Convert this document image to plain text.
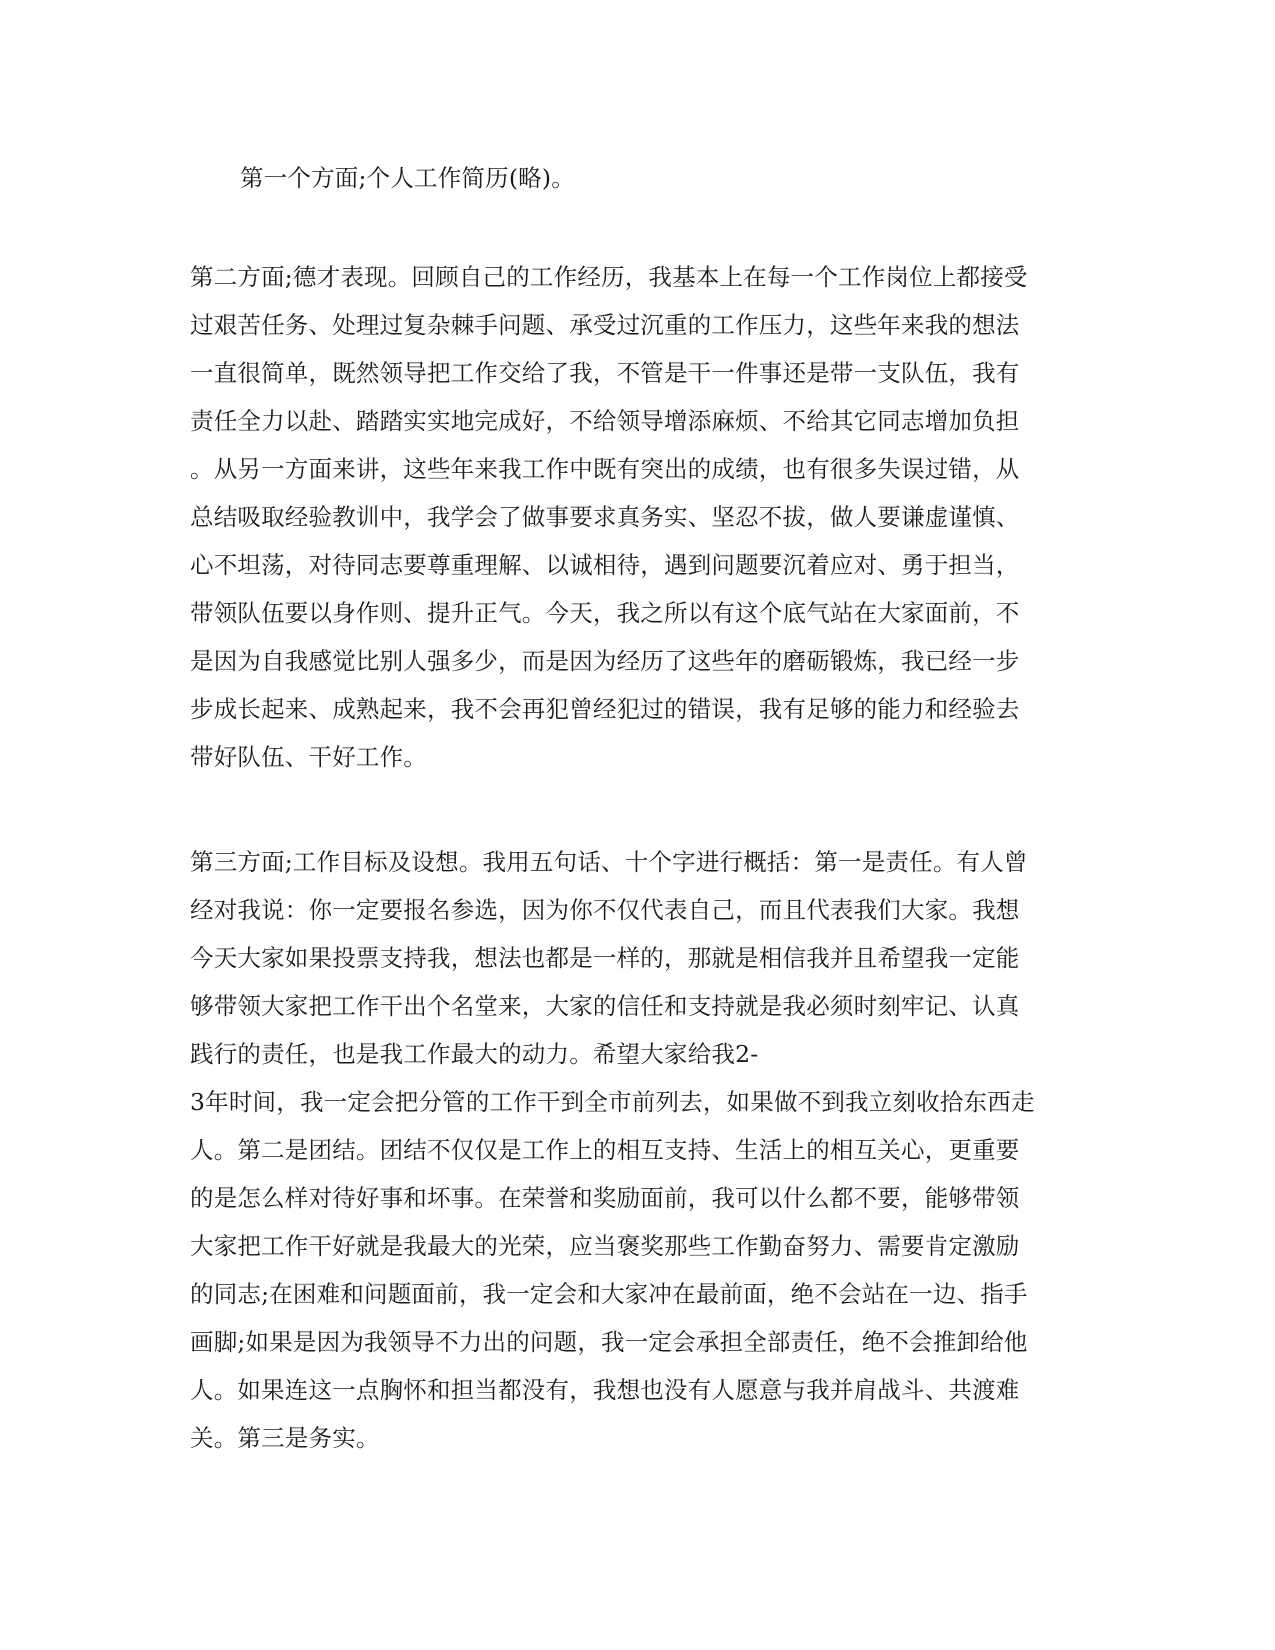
第一个方面;个人工作简历(略)。
第二方面;德才表现。回顾自己的工作经历，我基本上在每一个工作岗位上都接受
过艰苦任务、处理过复杂棘手问题、承受过沉重的工作压力，这些年来我的想法
一直很简单，既然领导把工作交给了我，不管是干一件事还是带一支队伍，我有
责任全力以赴、踏踏实实地完成好，不给领导增添麻烦、不给其它同志增加负担
。从另一方面来讲，这些年来我工作中既有突出的成绩，也有很多失误过错，从
总结吸取经验教训中，我学会了做事要求真务实、坚忍不拔，做人要谦虚谨慎、
心不坦荡，对待同志要尊重理解、以诚相待，遇到问题要沉着应对、勇于担当，
带领队伍要以身作则、提升正气。今天，我之所以有这个底气站在大家面前，不
是因为自我感觉比别人强多少，而是因为经历了这些年的磨砺锻炼，我已经一步
步成长起来、成熟起来，我不会再犯曾经犯过的错误，我有足够的能力和经验去
带好队伍、干好工作。
第三方面;工作目标及设想。我用五句话、十个字进行概括：第一是责任。有人曾
经对我说：你一定要报名参选，因为你不仅代表自己，而且代表我们大家。我想
今天大家如果投票支持我，想法也都是一样的，那就是相信我并且希望我一定能
够带领大家把工作干出个名堂来，大家的信任和支持就是我必须时刻牢记、认真
践行的责任，也是我工作最大的动力。希望大家给我2-
3年时间，我一定会把分管的工作干到全市前列去，如果做不到我立刻收拾东西走
人。第二是团结。团结不仅仅是工作上的相互支持、生活上的相互关心，更重要
的是怎么样对待好事和坏事。在荣誉和奖励面前，我可以什么都不要，能够带领
大家把工作干好就是我最大的光荣，应当褒奖那些工作勤奋努力、需要肯定激励
的同志;在困难和问题面前，我一定会和大家冲在最前面，绝不会站在一边、指手
画脚;如果是因为我领导不力出的问题，我一定会承担全部责任，绝不会推卸给他
人。如果连这一点胸怀和担当都没有，我想也没有人愿意与我并肩战斗、共渡难
关。第三是务实。
